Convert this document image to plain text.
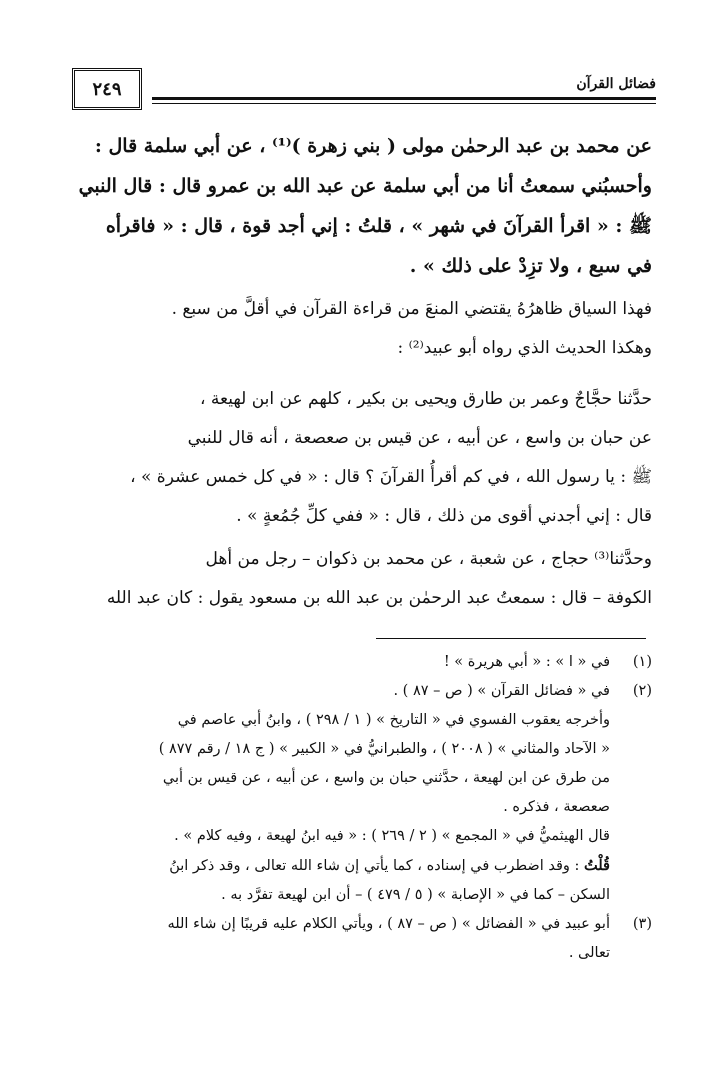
٢٤٩	فضائل القرآن

عن محمد بن عبد الرحمٰن مولى ( بني زهرة )⁽¹⁾ ، عن أبي سلمة قال :

وأحسبُني سمعتُ أنا من أبي سلمة عن عبد الله بن عمرو قال : قال النبي

ﷺ : « اقرأ القرآنَ في شهر » ، قلتُ : إني أجد قوة ، قال : « فاقرأه

في سبع ، ولا تزِدْ على ذلك » .

فهذا السياق ظاهرُهُ يقتضي المنعَ من قراءة القرآن في أقلَّ من سبع .

وهكذا الحديث الذي رواه أبو عبيد⁽²⁾ :

حدَّثنا حجَّاجٌ وعمر بن طارق ويحيى بن بكير ، كلهم عن ابن لهيعة ،

عن حبان بن واسع ، عن أبيه ، عن قيس بن صعصعة ، أنه قال للنبي

ﷺ : يا رسول الله ، في كم أقرأُ القرآنَ ؟ قال : « في كل خمس عشرة » ،

قال : إني أجدني أقوى من ذلك ، قال : « ففي كلِّ جُمُعةٍ » .

وحدَّثنا⁽³⁾ حجاج ، عن شعبة ، عن محمد بن ذكوان – رجل من أهل

الكوفة – قال : سمعتُ عبد الرحمٰن بن عبد الله بن مسعود يقول : كان عبد الله

(١)
في « ا » : « أبي هريرة » !
(٢)
في « فضائل القرآن » ( ص – ٨٧ ) .

وأخرجه يعقوب الفسوي في « التاريخ » ( ١ / ٢٩٨ ) ، وابنُ أبي عاصم في

« الآحاد والمثاني » ( ٢٠٠٨ ) ، والطبرانيُّ في « الكبير » ( ج ١٨ / رقم ٨٧٧ )

من طرق عن ابن لهيعة ، حدَّثني حبان بن واسع ، عن أبيه ، عن قيس بن أبي

صعصعة ، فذكره .

قال الهيثميُّ في « المجمع » ( ٢ / ٢٦٩ ) : « فيه ابنُ لهيعة ، وفيه كلام » .

قُلْتُ : وقد اضطرب في إسناده ، كما يأتي إن شاء الله تعالى ، وقد ذكر ابنُ

السكن – كما في « الإصابة » ( ٥ / ٤٧٩ ) – أن ابن لهيعة تفرَّد به .

(٣)

أبو عبيد في « الفضائل » ( ص – ٨٧ ) ، ويأتي الكلام عليه قريبًا إن شاء الله

تعالى .
